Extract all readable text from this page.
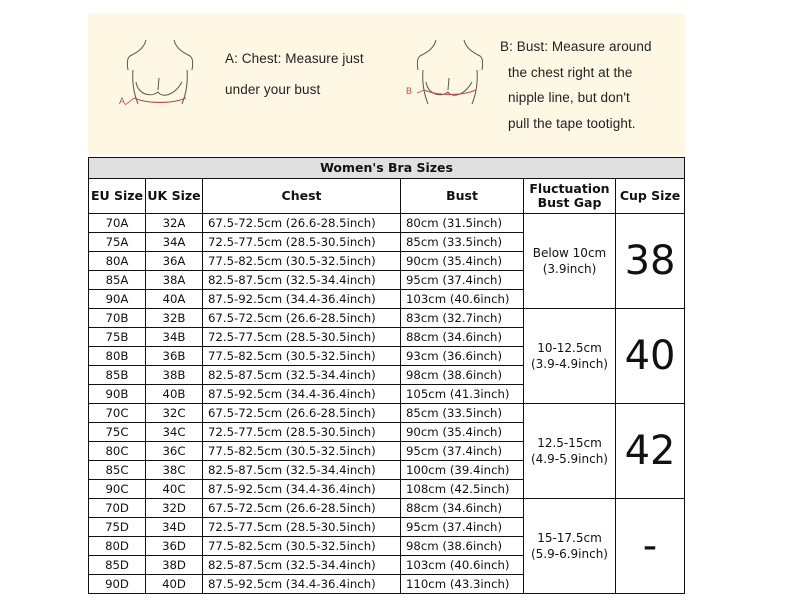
A
A: Chest: Measure just
under your bust	B
B: Bust: Measure around
the chest right at the
nipple line, but don't
pull the tape tootight.
Women's Bra Sizes					
EU Size	UK Size	Chest	Bust	Fluctuation Bust Gap	Cup Size
70A	32A	67.5-72.5cm (26.6-28.5inch)	80cm (31.5inch)	Below 10cm (3.9inch)	38
75A	34A	72.5-77.5cm (28.5-30.5inch)	85cm (33.5inch)		
80A	36A	77.5-82.5cm (30.5-32.5inch)	90cm (35.4inch)		
85A	38A	82.5-87.5cm (32.5-34.4inch)	95cm (37.4inch)		
90A	40A	87.5-92.5cm (34.4-36.4inch)	103cm (40.6inch)		
70B	32B	67.5-72.5cm (26.6-28.5inch)	83cm (32.7inch)	10-12.5cm (3.9-4.9inch)	40
75B	34B	72.5-77.5cm (28.5-30.5inch)	88cm (34.6inch)		
80B	36B	77.5-82.5cm (30.5-32.5inch)	93cm (36.6inch)		
85B	38B	82.5-87.5cm (32.5-34.4inch)	98cm (38.6inch)		
90B	40B	87.5-92.5cm (34.4-36.4inch)	105cm (41.3inch)		
70C	32C	67.5-72.5cm (26.6-28.5inch)	85cm (33.5inch)	12.5-15cm (4.9-5.9inch)	42
75C	34C	72.5-77.5cm (28.5-30.5inch)	90cm (35.4inch)		
80C	36C	77.5-82.5cm (30.5-32.5inch)	95cm (37.4inch)		
85C	38C	82.5-87.5cm (32.5-34.4inch)	100cm (39.4inch)		
90C	40C	87.5-92.5cm (34.4-36.4inch)	108cm (42.5inch)		
70D	32D	67.5-72.5cm (26.6-28.5inch)	88cm (34.6inch)	15-17.5cm (5.9-6.9inch)	-
75D	34D	72.5-77.5cm (28.5-30.5inch)	95cm (37.4inch)		
80D	36D	77.5-82.5cm (30.5-32.5inch)	98cm (38.6inch)		
85D	38D	82.5-87.5cm (32.5-34.4inch)	103cm (40.6inch)		
90D	40D	87.5-92.5cm (34.4-36.4inch)	110cm (43.3inch)		
